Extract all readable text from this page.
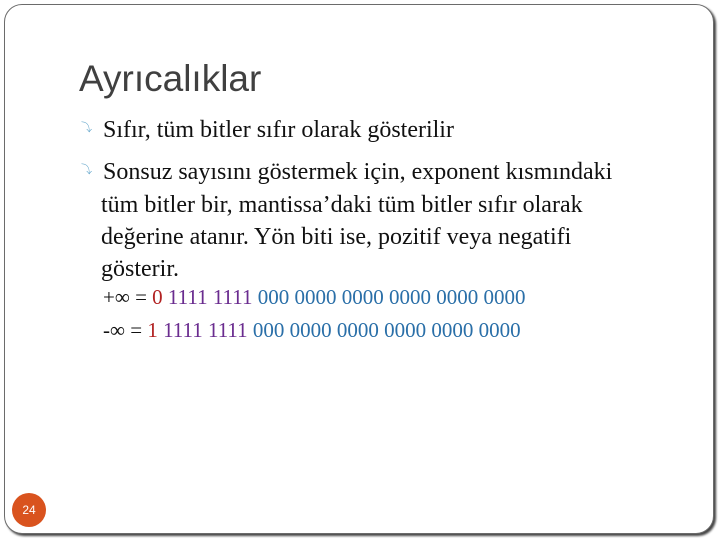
Ayrıcalıklar
⤵ Sıfır, tüm bitler sıfır olarak gösterilir
⤵ Sonsuz sayısını göstermek için, exponent kısmındaki
tüm bitler bir, mantissa’daki tüm bitler sıfır olarak
değerine atanır. Yön biti ise, pozitif veya negatifi
gösterir.
+∞ = 0 1111 1111 000 0000 0000 0000 0000 0000
-∞ = 1 1111 1111 000 0000 0000 0000 0000 0000
24
